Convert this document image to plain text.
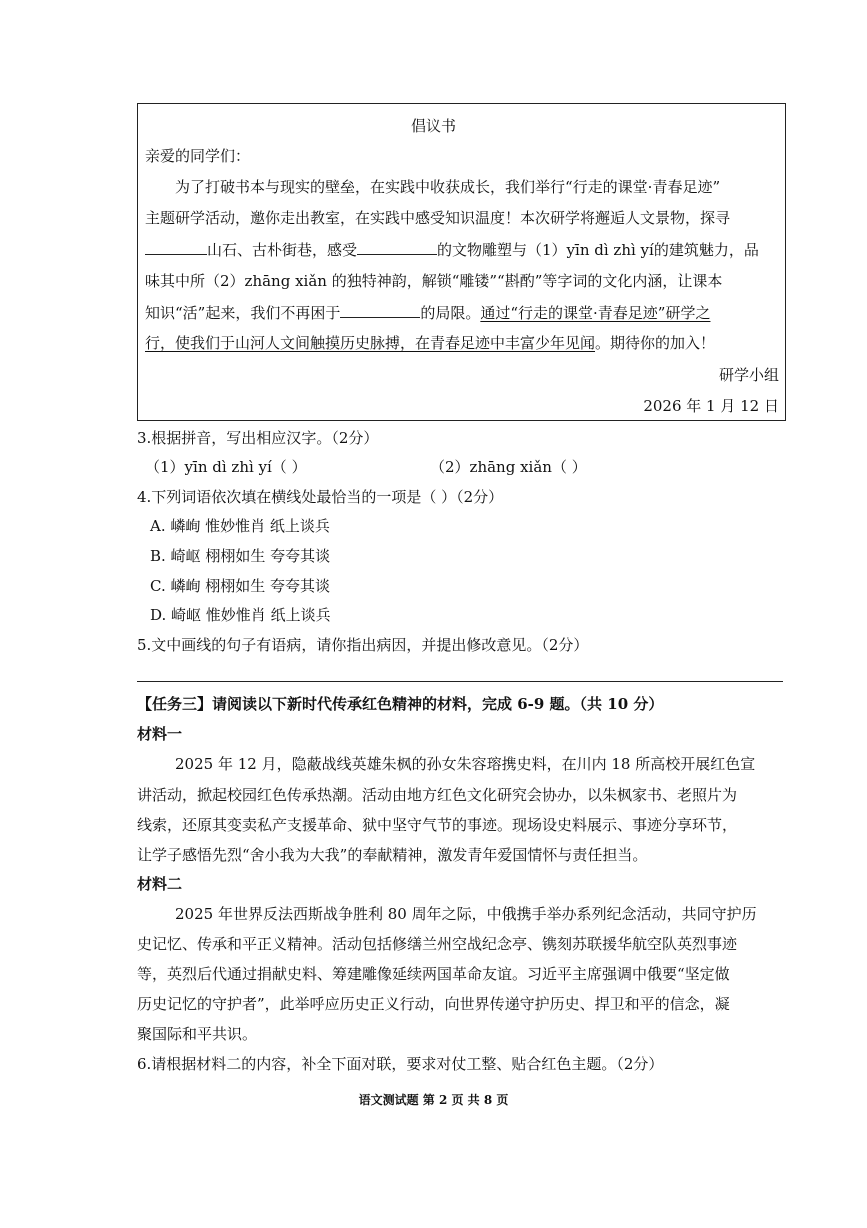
倡议书
亲爱的同学们：
为了打破书本与现实的壁垒，在实践中收获成长，我们举行“行走的课堂·青春足迹”
主题研学活动，邀你走出教室，在实践中感受知识温度！本次研学将邂逅人文景物，探寻
山石、古朴街巷，感受	的文物雕塑与（1）yīn dì zhì yí的建筑魅力，品
味其中所（2）zhāng xiǎn 的独特神韵，解锁“雕镂”“斟酌”等字词的文化内涵，让课本
知识“活”起来，我们不再困于	的局限。通过“行走的课堂·青春足迹”研学之
行，使我们于山河人文间触摸历史脉搏，在青春足迹中丰富少年见闻。期待你的加入！
研学小组
2026 年 1 月 12 日
3.根据拼音，写出相应汉字。（2分）
（1）yīn dì zhì yí（ ）	（2）zhāng xiǎn（ ）
4.下列词语依次填在横线处最恰当的一项是（ ）（2分）
A. 嶙峋 惟妙惟肖 纸上谈兵
B. 崎岖 栩栩如生 夸夸其谈
C. 嶙峋 栩栩如生 夸夸其谈
D. 崎岖 惟妙惟肖 纸上谈兵
5.文中画线的句子有语病，请你指出病因，并提出修改意见。（2分）
【任务三】请阅读以下新时代传承红色精神的材料，完成 6-9 题。（共 10 分）
材料一
2025 年 12 月，隐蔽战线英雄朱枫的孙女朱容瑢携史料，在川内 18 所高校开展红色宣
讲活动，掀起校园红色传承热潮。活动由地方红色文化研究会协办，以朱枫家书、老照片为
线索，还原其变卖私产支援革命、狱中坚守气节的事迹。现场设史料展示、事迹分享环节，
让学子感悟先烈“舍小我为大我”的奉献精神，激发青年爱国情怀与责任担当。
材料二
2025 年世界反法西斯战争胜利 80 周年之际，中俄携手举办系列纪念活动，共同守护历
史记忆、传承和平正义精神。活动包括修缮兰州空战纪念亭、镌刻苏联援华航空队英烈事迹
等，英烈后代通过捐献史料、筹建雕像延续两国革命友谊。习近平主席强调中俄要“坚定做
历史记忆的守护者”，此举呼应历史正义行动，向世界传递守护历史、捍卫和平的信念，凝
聚国际和平共识。
6.请根据材料二的内容，补全下面对联，要求对仗工整、贴合红色主题。（2分）
语文测试题 第 2 页 共 8 页
